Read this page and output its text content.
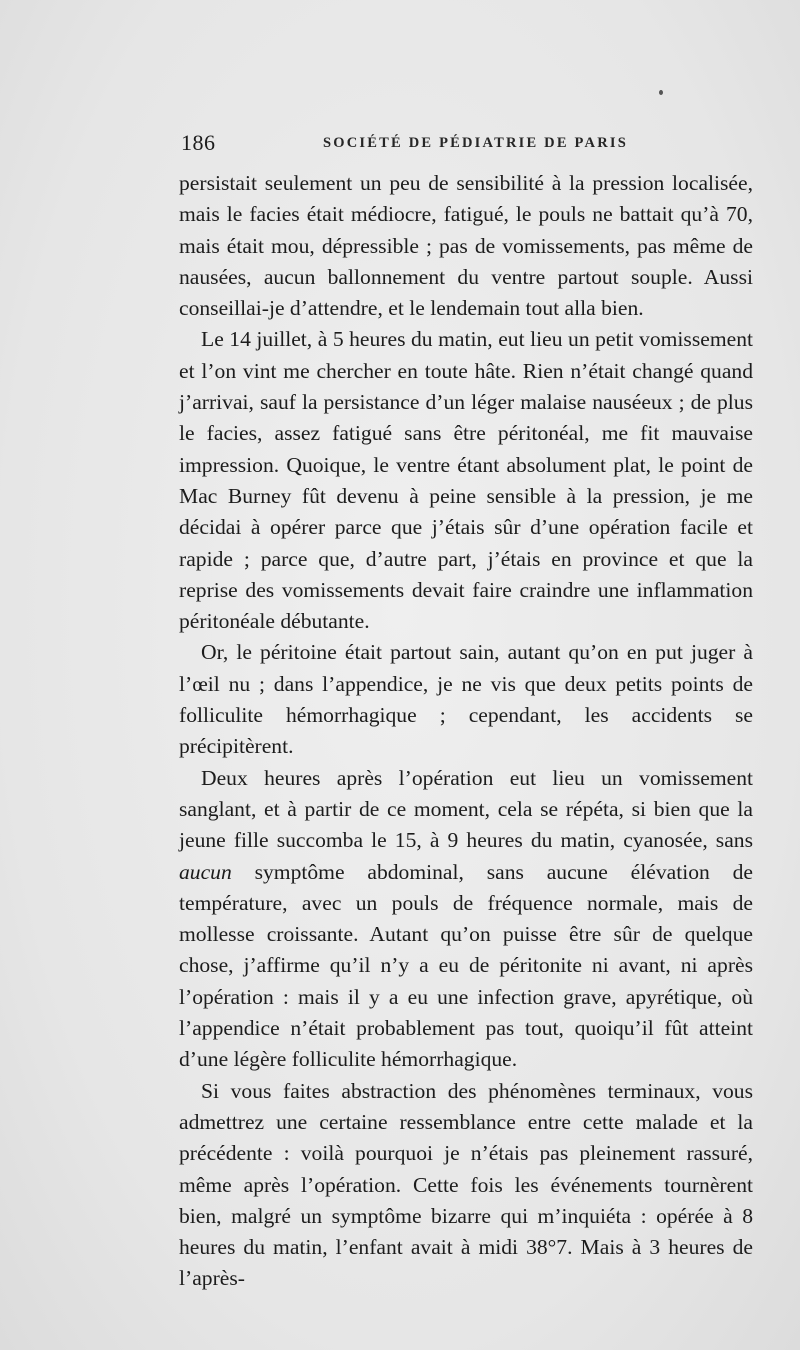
186	SOCIÉTÉ DE PÉDIATRIE DE PARIS

persistait seulement un peu de sensibilité à la pression localisée, mais le facies était médiocre, fatigué, le pouls ne battait qu’à 70, mais était mou, dépressible ; pas de vomissements, pas même de nausées, aucun ballonnement du ventre partout souple. Aussi conseillai-je d’attendre, et le lendemain tout alla bien.

Le 14 juillet, à 5 heures du matin, eut lieu un petit vomissement et l’on vint me chercher en toute hâte. Rien n’était changé quand j’arrivai, sauf la persistance d’un léger malaise nauséeux ; de plus le facies, assez fatigué sans être péritonéal, me fit mauvaise impression. Quoique, le ventre étant absolument plat, le point de Mac Burney fût devenu à peine sensible à la pression, je me décidai à opérer parce que j’étais sûr d’une opération facile et rapide ; parce que, d’autre part, j’étais en province et que la reprise des vomissements devait faire craindre une inflammation péritonéale débutante.

Or, le péritoine était partout sain, autant qu’on en put juger à l’œil nu ; dans l’appendice, je ne vis que deux petits points de folliculite hémorrhagique ; cependant, les accidents se précipitèrent.

Deux heures après l’opération eut lieu un vomissement sanglant, et à partir de ce moment, cela se répéta, si bien que la jeune fille succomba le 15, à 9 heures du matin, cyanosée, sans aucun symptôme abdominal, sans aucune élévation de température, avec un pouls de fréquence normale, mais de mollesse croissante. Autant qu’on puisse être sûr de quelque chose, j’affirme qu’il n’y a eu de péritonite ni avant, ni après l’opération : mais il y a eu une infection grave, apyrétique, où l’appendice n’était probablement pas tout, quoiqu’il fût atteint d’une légère folliculite hémorrhagique.

Si vous faites abstraction des phénomènes terminaux, vous admettrez une certaine ressemblance entre cette malade et la précédente : voilà pourquoi je n’étais pas pleinement rassuré, même après l’opération. Cette fois les événements tournèrent bien, malgré un symptôme bizarre qui m’inquiéta : opérée à 8 heures du matin, l’enfant avait à midi 38°7. Mais à 3 heures de l’après-
